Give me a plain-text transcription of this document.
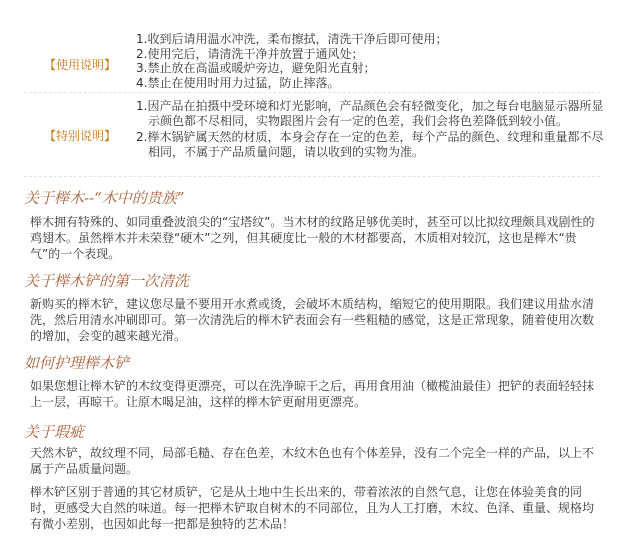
【使用说明】
1.收到后请用温水冲洗，柔布擦拭，清洗干净后即可使用；
2.使用完后，请清洗干净并放置于通风处；
3.禁止放在高温或暖炉旁边，避免阳光直射；
4.禁止在使用时用力过猛，防止摔落。
【特别说明】
1.因产品在拍摄中受环境和灯光影响，产品颜色会有轻微变化，加之每台电脑显示器所显示颜色都不尽相同，实物跟图片会有一定的色差，我们会将色差降低到较小值。
2.榉木锅铲属天然的材质，本身会存在一定的色差，每个产品的颜色、纹理和重量都不尽相同，不属于产品质量问题，请以收到的实物为准。
关于榉木--“木中的贵族”

榉木拥有特殊的、如同重叠波浪尖的“宝塔纹”。当木材的纹路足够优美时，甚至可以比拟纹理颇具戏剧性的鸡翅木。虽然榉木并未荣登“硬木”之列，但其硬度比一般的木材都要高，木质相对较沉，这也是榉木“贵气”的一个表现。

关于榉木铲的第一次清洗

新购买的榉木铲，建议您尽量不要用开水煮或烫，会破坏木质结构，缩短它的使用期限。我们建议用盐水清洗，然后用清水冲刷即可。第一次清洗后的榉木铲表面会有一些粗糙的感觉，这是正常现象，随着使用次数的增加，会变的越来越光滑。

如何护理榉木铲

如果您想让榉木铲的木纹变得更漂亮，可以在洗净晾干之后，再用食用油（橄榄油最佳）把铲的表面轻轻抹上一层，再晾干。让原木喝足油，这样的榉木铲更耐用更漂亮。

关于瑕疵

天然木铲，故纹理不同，局部毛糙、存在色差，木纹木色也有个体差异，没有二个完全一样的产品，以上不属于产品质量问题。

榉木铲区别于普通的其它材质铲，它是从土地中生长出来的，带着浓浓的自然气息，让您在体验美食的同时，更感受大自然的味道。每一把榉木铲取自树木的不同部位，且为人工打磨，木纹、色泽、重量、规格均有微小差别，也因如此每一把都是独特的艺术品！
